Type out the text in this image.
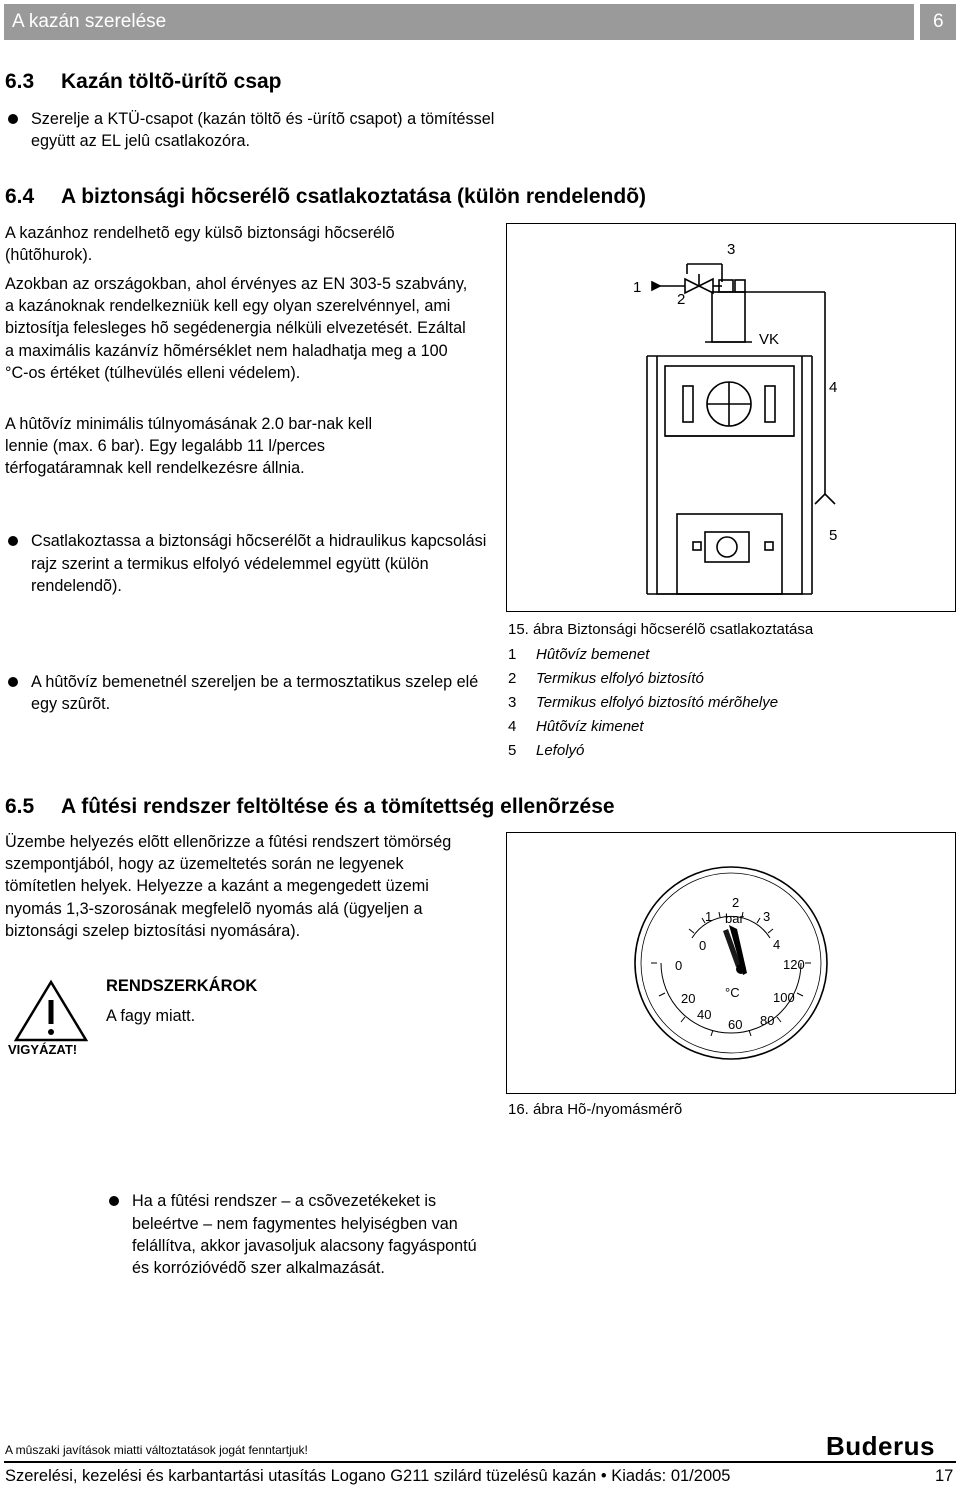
A kazán szerelése	6
6.3 Kazán töltõ-ürítõ csap
Szerelje a KTÜ-csapot (kazán töltõ és -ürítõ csapot) a tömítéssel együtt az EL jelû csatlakozóra.
6.4 A biztonsági hõcserélõ csatlakoztatása (külön rendelendõ)
A kazánhoz rendelhetõ egy külsõ biztonsági hõcserélõ (hûtõhurok).
Azokban az országokban, ahol érvényes az EN 303-5 szabvány, a kazánoknak rendelkezniük kell egy olyan szerelvénnyel, ami biztosítja felesleges hõ segédenergia nélküli elvezetését. Ezáltal a maximális kazánvíz hõmérséklet nem haladhatja meg a 100 °C-os értéket (túlhevülés elleni védelem).
A hûtõvíz minimális túlnyomásának 2.0 bar-nak kell lennie (max. 6 bar). Egy legalább 11 l/perces térfogatáramnak kell rendelkezésre állnia.
Csatlakoztassa a biztonsági hõcserélõt a hidraulikus kapcsolási rajz szerint a termikus elfolyó védelemmel együtt (külön rendelendõ).
A hûtõvíz bemenetnél szereljen be a termosztatikus szelep elé egy szûrõt.
1
2
3
4
5
VK
15. ábra Biztonsági hõcserélõ csatlakoztatása
1	Hûtõvíz bemenet
2	Termikus elfolyó biztosító
3	Termikus elfolyó biztosító mérõhelye
4	Hûtõvíz kimenet
5	Lefolyó
6.5 A fûtési rendszer feltöltése és a tömítettség ellenõrzése
Üzembe helyezés elõtt ellenõrizze a fûtési rendszert tömörség szempontjából, hogy az üzemeltetés során ne legyenek tömítetlen helyek. Helyezze a kazánt a megengedett üzemi nyomás 1,3-szorosának megfelelõ nyomás alá (ügyeljen a biztonsági szelep biztosítási nyomására).
VIGYÁZAT!
RENDSZERKÁROK
A fagy miatt.
Ha a fûtési rendszer – a csõvezetékeket is beleértve – nem fagymentes helyiségben van felállítva, akkor javasoljuk alacsony fagyáspontú és korrózióvédõ szer alkalmazását.
0
1
2
3
4
bar
0
20
40
60 80
100
120
°C
16. ábra Hõ-/nyomásmérõ
A mûszaki javítások miatti változtatások jogát fenntartjuk!	Buderus
Szerelési, kezelési és karbantartási utasítás Logano G211 szilárd tüzelésû kazán • Kiadás: 01/2005	17
